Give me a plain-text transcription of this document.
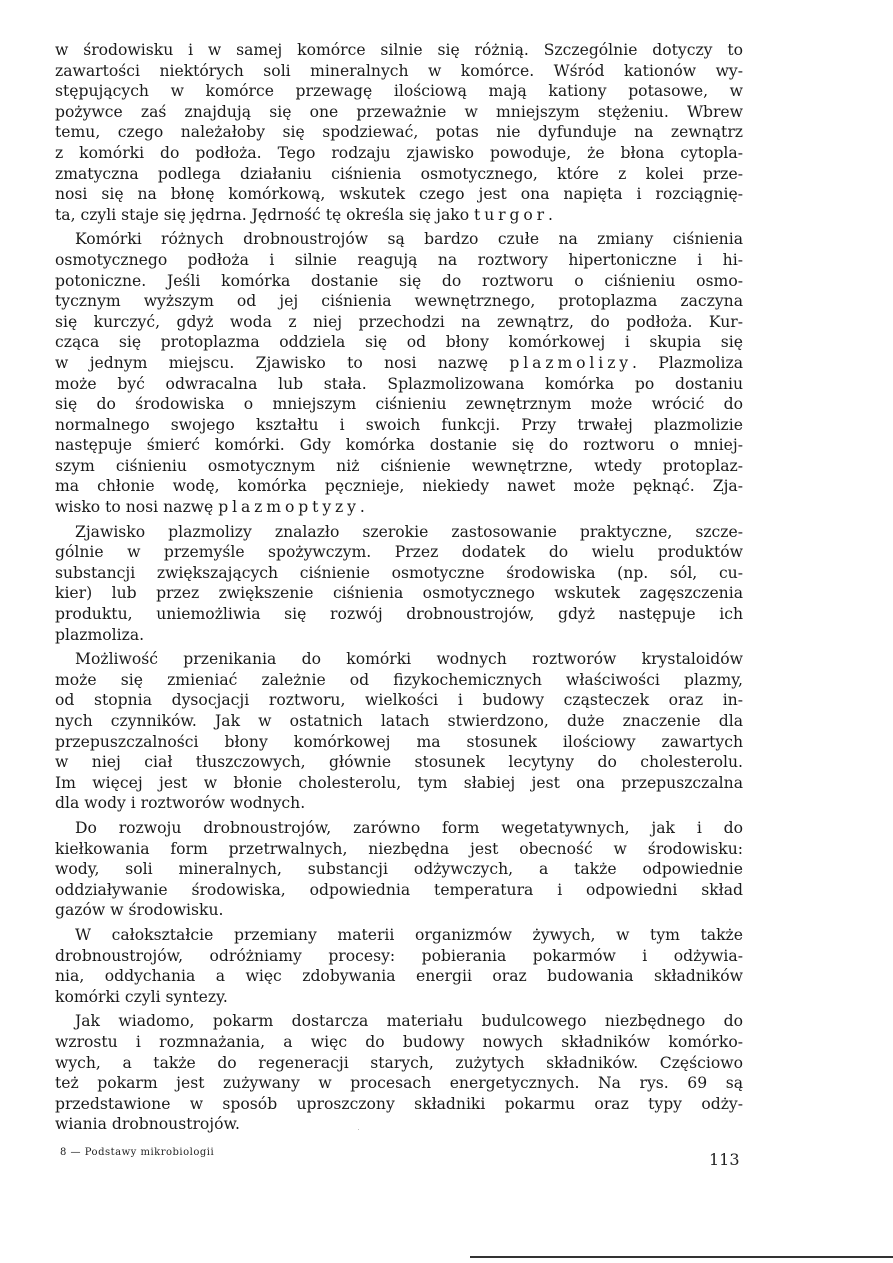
w środowisku i w samej komórce silnie się różnią. Szczególnie dotyczy to
zawartości niektórych soli mineralnych w komórce. Wśród kationów wy-
stępujących w komórce przewagę ilościową mają kationy potasowe, w
pożywce zaś znajdują się one przeważnie w mniejszym stężeniu. Wbrew
temu, czego należałoby się spodziewać, potas nie dyfunduje na zewnątrz
z komórki do podłoża. Tego rodzaju zjawisko powoduje, że błona cytopla-
zmatyczna podlega działaniu ciśnienia osmotycznego, które z kolei prze-
nosi się na błonę komórkową, wskutek czego jest ona napięta i rozciągnię-
ta, czyli staje się jędrna. Jędrność tę określa się jako turgor.
Komórki różnych drobnoustrojów są bardzo czułe na zmiany ciśnienia
osmotycznego podłoża i silnie reagują na roztwory hipertoniczne i hi-
potoniczne. Jeśli komórka dostanie się do roztworu o ciśnieniu osmo-
tycznym wyższym od jej ciśnienia wewnętrznego, protoplazma zaczyna
się kurczyć, gdyż woda z niej przechodzi na zewnątrz, do podłoża. Kur-
cząca się protoplazma oddziela się od błony komórkowej i skupia się
w jednym miejscu. Zjawisko to nosi nazwę plazmolizy. Plazmoliza
może być odwracalna lub stała. Splazmolizowana komórka po dostaniu
się do środowiska o mniejszym ciśnieniu zewnętrznym może wrócić do
normalnego swojego kształtu i swoich funkcji. Przy trwałej plazmolizie
następuje śmierć komórki. Gdy komórka dostanie się do roztworu o mniej-
szym ciśnieniu osmotycznym niż ciśnienie wewnętrzne, wtedy protoplaz-
ma chłonie wodę, komórka pęcznieje, niekiedy nawet może pęknąć. Zja-
wisko to nosi nazwę plazmoptyzy.
Zjawisko plazmolizy znalazło szerokie zastosowanie praktyczne, szcze-
gólnie w przemyśle spożywczym. Przez dodatek do wielu produktów
substancji zwiększających ciśnienie osmotyczne środowiska (np. sól, cu-
kier) lub przez zwiększenie ciśnienia osmotycznego wskutek zagęszczenia
produktu, uniemożliwia się rozwój drobnoustrojów, gdyż następuje ich
plazmoliza.
Możliwość przenikania do komórki wodnych roztworów krystaloidów
może się zmieniać zależnie od fizykochemicznych właściwości plazmy,
od stopnia dysocjacji roztworu, wielkości i budowy cząsteczek oraz in-
nych czynników. Jak w ostatnich latach stwierdzono, duże znaczenie dla
przepuszczalności błony komórkowej ma stosunek ilościowy zawartych
w niej ciał tłuszczowych, głównie stosunek lecytyny do cholesterolu.
Im więcej jest w błonie cholesterolu, tym słabiej jest ona przepuszczalna
dla wody i roztworów wodnych.
Do rozwoju drobnoustrojów, zarówno form wegetatywnych, jak i do
kiełkowania form przetrwalnych, niezbędna jest obecność w środowisku:
wody, soli mineralnych, substancji odżywczych, a także odpowiednie
oddziaływanie środowiska, odpowiednia temperatura i odpowiedni skład
gazów w środowisku.
W całokształcie przemiany materii organizmów żywych, w tym także
drobnoustrojów, odróżniamy procesy: pobierania pokarmów i odżywia-
nia, oddychania a więc zdobywania energii oraz budowania składników
komórki czyli syntezy.
Jak wiadomo, pokarm dostarcza materiału budulcowego niezbędnego do
wzrostu i rozmnażania, a więc do budowy nowych składników komórko-
wych, a także do regeneracji starych, zużytych składników. Częściowo
też pokarm jest zużywany w procesach energetycznych. Na rys. 69 są
przedstawione w sposób uproszczony składniki pokarmu oraz typy odży-
wiania drobnoustrojów.
8 — Podstawy mikrobiologii	113
